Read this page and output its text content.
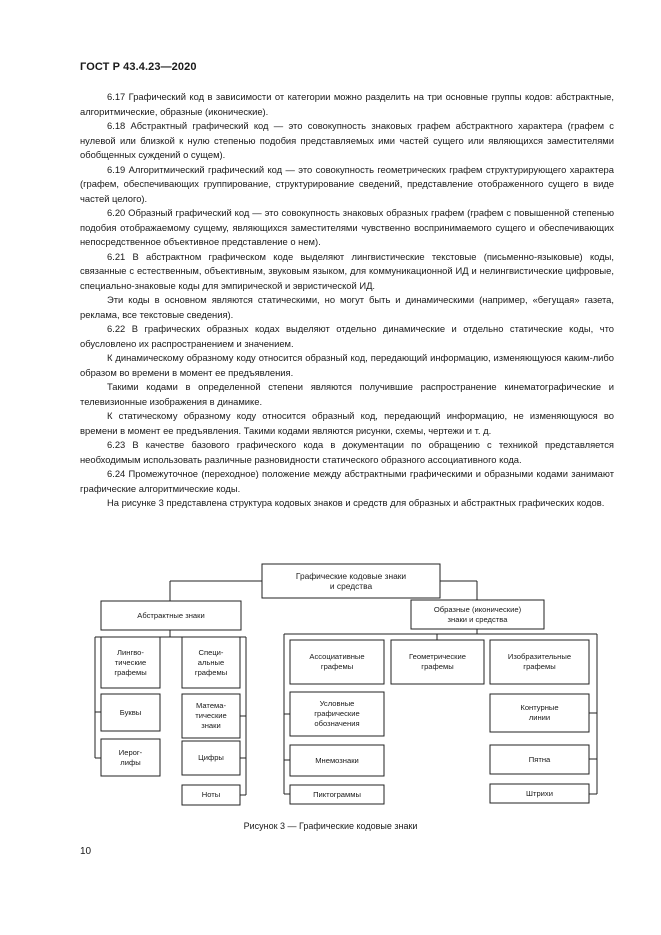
ГОСТ Р 43.4.23—2020

6.17 Графический код в зависимости от категории можно разделить на три основные группы кодов: абстрактные, алгоритмические, образные (иконические).

6.18 Абстрактный графический код — это совокупность знаковых графем абстрактного характера (графем с нулевой или близкой к нулю степенью подобия представляемых ими частей сущего или являющихся заместителями обобщенных суждений о сущем).

6.19 Алгоритмический графический код — это совокупность геометрических графем структурирующего характера (графем, обеспечивающих группирование, структурирование сведений, представление отображенного сущего в виде частей целого).

6.20 Образный графический код — это совокупность знаковых образных графем (графем с повышенной степенью подобия отображаемому сущему, являющихся заместителями чувственно воспринимаемого сущего и обеспечивающих непосредственное объективное представление о нем).

6.21 В абстрактном графическом коде выделяют лингвистические текстовые (письменно-языковые) коды, связанные с естественным, объективным, звуковым языком, для коммуникационной ИД и нелингвистические цифровые, специально-знаковые коды для эмпирической и эвристической ИД.

Эти коды в основном являются статическими, но могут быть и динамическими (например, «бегущая» газета, реклама, все текстовые сведения).

6.22 В графических образных кодах выделяют отдельно динамические и отдельно статические коды, что обусловлено их распространением и значением.

К динамическому образному коду относится образный код, передающий информацию, изменяющуюся каким-либо образом во времени в момент ее предъявления.

Такими кодами в определенной степени являются получившие распространение кинематографические и телевизионные изображения в динамике.

К статическому образному коду относится образный код, передающий информацию, не изменяющуюся во времени в момент ее предъявления. Такими кодами являются рисунки, схемы, чертежи и т. д.

6.23 В качестве базового графического кода в документации по обращению с техникой представляется необходимым использовать различные разновидности статического образного ассоциативного кода.

6.24 Промежуточное (переходное) положение между абстрактными графическими и образными кодами занимают графические алгоритмические коды.

На рисунке 3 представлена структура кодовых знаков и средств для образных и абстрактных графических кодов.

Графические кодовые знаки
и средства
Абстрактные знаки
Образные (иконические)
знаки и средства
Лингво-
тические
графемы
Буквы
Иерог-
лифы
Специ-
альные
графемы
Матема-
тические
знаки
Цифры
Ноты
Ассоциативные
графемы
Геометрические
графемы
Изобразительные
графемы
Условные
графические
обозначения
Мнемознаки
Пиктограммы
Контурные
линии
Пятна
Штрихи
Рисунок 3 — Графические кодовые знаки
10
